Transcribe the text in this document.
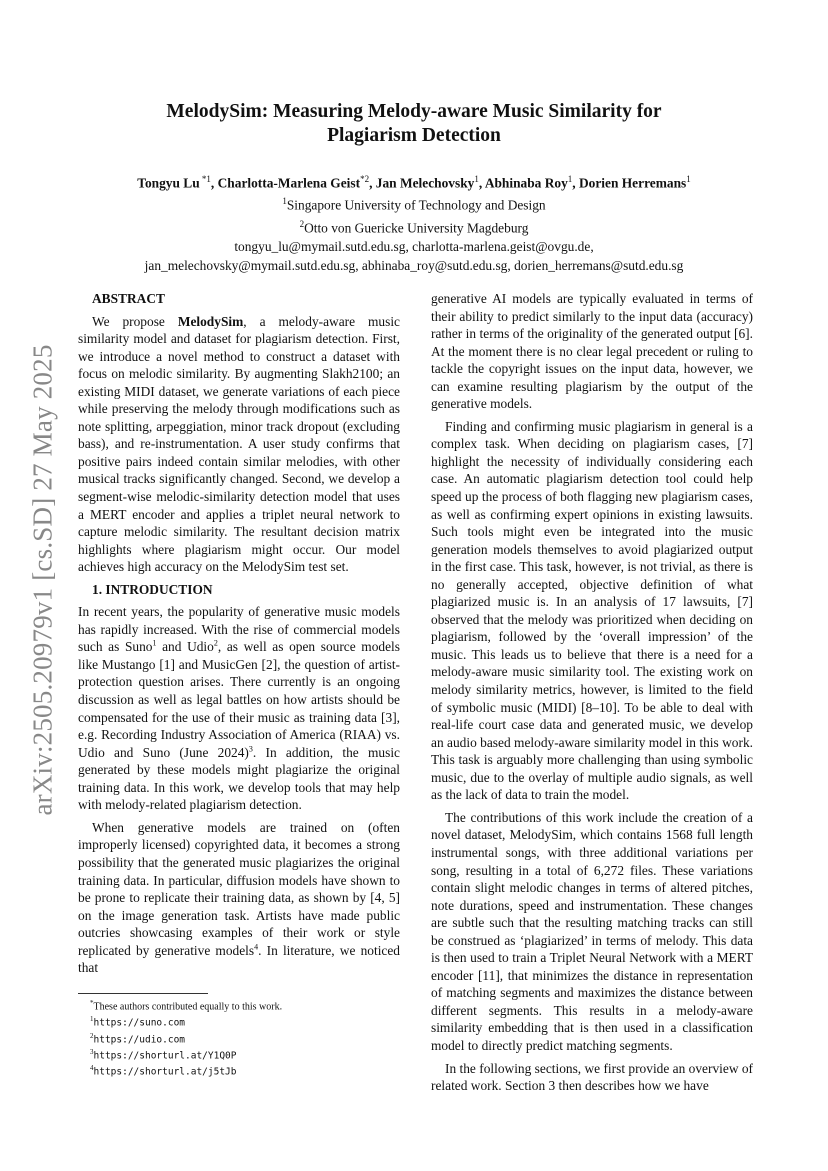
arXiv:2505.20979v1 [cs.SD] 27 May 2025
MelodySim: Measuring Melody-aware Music Similarity for
Plagiarism Detection
Tongyu Lu $^{*1}$, Charlotta-Marlena Geist$^{*2}$, Jan Melechovsky$^1$, Abhinaba Roy$^1$, Dorien Herremans$^1$
$^1$Singapore University of Technology and Design
$^2$Otto von Guericke University Magdeburg
tongyu_lu@mymail.sutd.edu.sg, charlotta-marlena.geist@ovgu.de,
jan_melechovsky@mymail.sutd.edu.sg, abhinaba_roy@sutd.edu.sg, dorien_herremans@sutd.edu.sg

ABSTRACT

We propose MelodySim, a melody-aware music similarity model and dataset for plagiarism detection. First, we introduce a novel method to construct a dataset with focus on melodic similarity. By augmenting Slakh2100; an existing MIDI dataset, we generate variations of each piece while preserving the melody through modifications such as note splitting, arpeggiation, minor track dropout (excluding bass), and re-instrumentation. A user study confirms that positive pairs indeed contain similar melodies, with other musical tracks significantly changed. Second, we develop a segment-wise melodic-similarity detection model that uses a MERT encoder and applies a triplet neural network to capture melodic similarity. The resultant decision matrix highlights where plagiarism might occur. Our model achieves high accuracy on the MelodySim test set.

1. INTRODUCTION

In recent years, the popularity of generative music models has rapidly increased. With the rise of commercial models such as Suno$^1$ and Udio$^2$, as well as open source models like Mustango [1] and MusicGen [2], the question of artist-protection question arises. There currently is an ongoing discussion as well as legal battles on how artists should be compensated for the use of their music as training data [3], e.g. Recording Industry Association of America (RIAA) vs. Udio and Suno (June 2024)$^3$. In addition, the music generated by these models might plagiarize the original training data. In this work, we develop tools that may help with melody-related plagiarism detection.

When generative models are trained on (often improperly licensed) copyrighted data, it becomes a strong possibility that the generated music plagiarizes the original training data. In particular, diffusion models have shown to be prone to replicate their training data, as shown by [4, 5] on the image generation task. Artists have made public outcries showcasing examples of their work or style replicated by generative models$^4$. In literature, we noticed that

*These authors contributed equally to this work.
$^1$https://suno.com
$^2$https://udio.com
$^3$https://shorturl.at/Y1Q0P
$^4$https://shorturl.at/j5tJb

generative AI models are typically evaluated in terms of their ability to predict similarly to the input data (accuracy) rather in terms of the originality of the generated output [6]. At the moment there is no clear legal precedent or ruling to tackle the copyright issues on the input data, however, we can examine resulting plagiarism by the output of the generative models.

Finding and confirming music plagiarism in general is a complex task. When deciding on plagiarism cases, [7] highlight the necessity of individually considering each case. An automatic plagiarism detection tool could help speed up the process of both flagging new plagiarism cases, as well as confirming expert opinions in existing lawsuits. Such tools might even be integrated into the music generation models themselves to avoid plagiarized output in the first case. This task, however, is not trivial, as there is no generally accepted, objective definition of what plagiarized music is. In an analysis of 17 lawsuits, [7] observed that the melody was prioritized when deciding on plagiarism, followed by the ‘overall impression’ of the music. This leads us to believe that there is a need for a melody-aware music similarity tool. The existing work on melody similarity metrics, however, is limited to the field of symbolic music (MIDI) [8–10]. To be able to deal with real-life court case data and generated music, we develop an audio based melody-aware similarity model in this work. This task is arguably more challenging than using symbolic music, due to the overlay of multiple audio signals, as well as the lack of data to train the model.

The contributions of this work include the creation of a novel dataset, MelodySim, which contains 1568 full length instrumental songs, with three additional variations per song, resulting in a total of 6,272 files. These variations contain slight melodic changes in terms of altered pitches, note durations, speed and instrumentation. These changes are subtle such that the resulting matching tracks can still be construed as ‘plagiarized’ in terms of melody. This data is then used to train a Triplet Neural Network with a MERT encoder [11], that minimizes the distance in representation of matching segments and maximizes the distance between different segments. This results in a melody-aware similarity embedding that is then used in a classification model to directly predict matching segments.

In the following sections, we first provide an overview of related work. Section 3 then describes how we have
